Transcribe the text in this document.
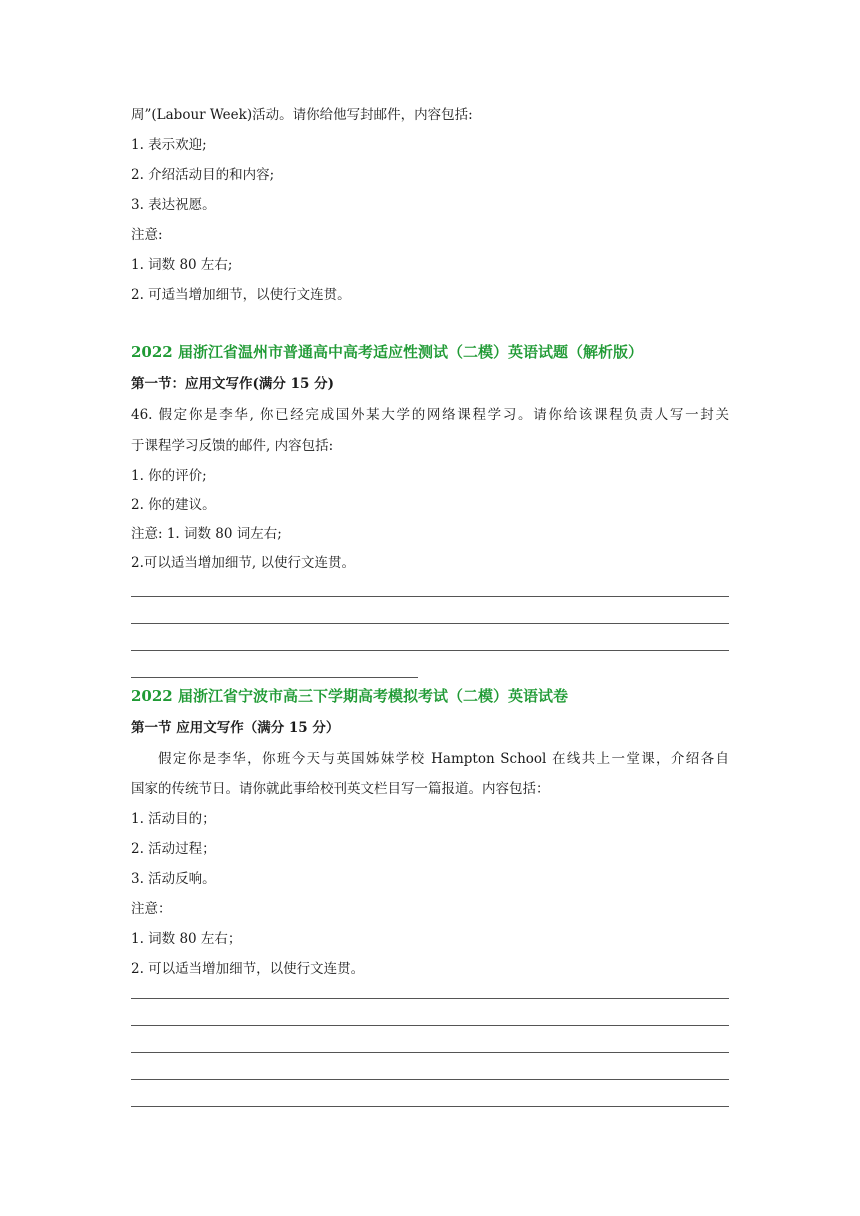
周”(Labour Week)活动。请你给他写封邮件，内容包括:
1. 表示欢迎;
2. 介绍活动目的和内容;
3. 表达祝愿。
注意:
1. 词数 80 左右;
2. 可适当增加细节，以使行文连贯。
2022 届浙江省温州市普通高中高考适应性测试（二模）英语试题（解析版）
第一节：应用文写作(满分 15 分)
46. 假定你是李华, 你已经完成国外某大学的网络课程学习。请你给该课程负责人写一封关
于课程学习反馈的邮件, 内容包括:
1. 你的评价;
2. 你的建议。
注意: 1. 词数 80 词左右;
2.可以适当增加细节, 以使行文连贯。
2022 届浙江省宁波市高三下学期高考模拟考试（二模）英语试卷
第一节 应用文写作（满分 15 分）
假定你是李华，你班今天与英国姊妹学校 Hampton School 在线共上一堂课，介绍各自
国家的传统节日。请你就此事给校刊英文栏目写一篇报道。内容包括：
1. 活动目的；
2. 活动过程；
3. 活动反响。
注意：
1. 词数 80 左右；
2. 可以适当增加细节，以使行文连贯。
